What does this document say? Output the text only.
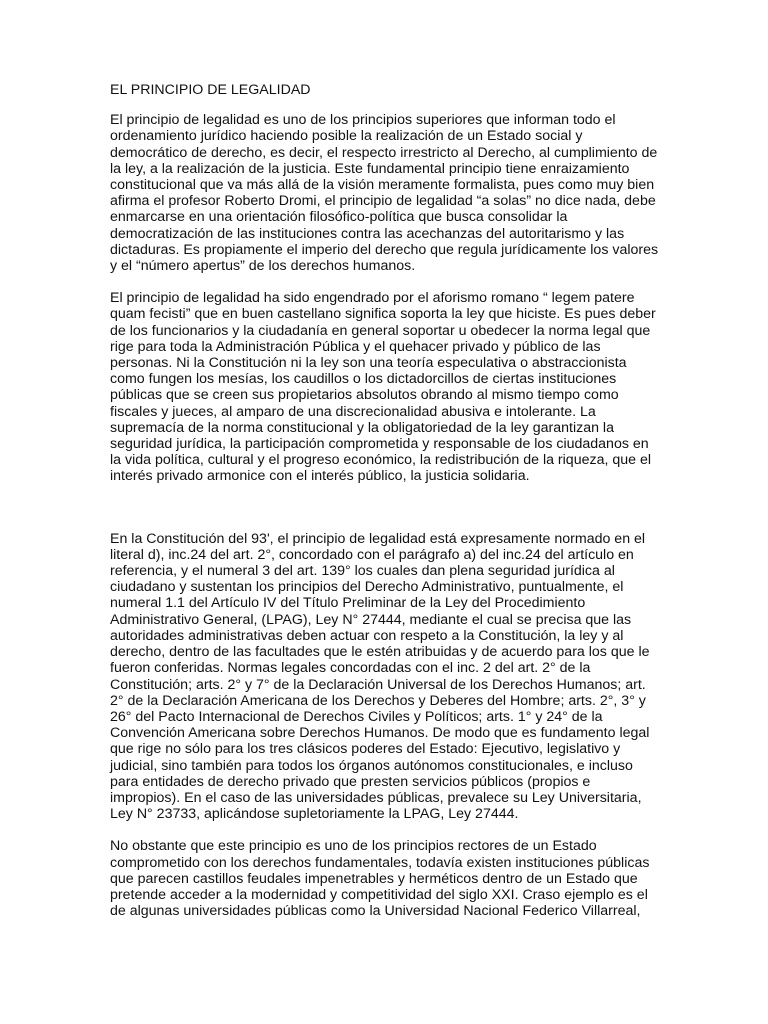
EL PRINCIPIO DE LEGALIDAD

El principio de legalidad es uno de los principios superiores que informan todo el ordenamiento jurídico haciendo posible la realización de un Estado social y democrático de derecho, es decir, el respecto irrestricto al Derecho, al cumplimiento de la ley, a la realización de la justicia. Este fundamental principio tiene enraizamiento constitucional que va más allá de la visión meramente formalista, pues como muy bien afirma el profesor Roberto Dromi, el principio de legalidad “a solas” no dice nada, debe enmarcarse en una orientación filosófico-política que busca consolidar la democratización de las instituciones contra las acechanzas del autoritarismo y las dictaduras. Es propiamente el imperio del derecho que regula jurídicamente los valores y el “número apertus” de los derechos humanos.

El principio de legalidad ha sido engendrado por el aforismo romano “ legem patere quam fecisti” que en buen castellano significa soporta la ley que hiciste. Es pues deber de los funcionarios y la ciudadanía en general soportar u obedecer la norma legal que rige para toda la Administración Pública y el quehacer privado y público de las personas. Ni la Constitución ni la ley son una teoría especulativa o abstraccionista como fungen los mesías, los caudillos o los dictadorcillos de ciertas instituciones públicas que se creen sus propietarios absolutos obrando al mismo tiempo como fiscales y jueces, al amparo de una discrecionalidad abusiva e intolerante. La supremacía de la norma constitucional y la obligatoriedad de la ley garantizan la seguridad jurídica, la participación comprometida y responsable de los ciudadanos en la vida política, cultural y el progreso económico, la redistribución de la riqueza, que el interés privado armonice con el interés público, la justicia solidaria.

En la Constitución del 93', el principio de legalidad está expresamente normado en el literal d), inc.24 del art. 2°, concordado con el parágrafo a) del inc.24 del artículo en referencia, y el numeral 3 del art. 139° los cuales dan plena seguridad jurídica al ciudadano y sustentan los principios del Derecho Administrativo, puntualmente, el numeral 1.1 del Artículo IV del Título Preliminar de la Ley del Procedimiento Administrativo General, (LPAG), Ley N° 27444, mediante el cual se precisa que las autoridades administrativas deben actuar con respeto a la Constitución, la ley y al derecho, dentro de las facultades que le estén atribuidas y de acuerdo para los que le fueron conferidas. Normas legales concordadas con el inc. 2 del art. 2° de la Constitución; arts. 2° y 7° de la Declaración Universal de los Derechos Humanos; art. 2° de la Declaración Americana de los Derechos y Deberes del Hombre; arts. 2°, 3° y 26° del Pacto Internacional de Derechos Civiles y Políticos; arts. 1° y 24° de la Convención Americana sobre Derechos Humanos. De modo que es fundamento legal que rige no sólo para los tres clásicos poderes del Estado: Ejecutivo, legislativo y judicial, sino también para todos los órganos autónomos constitucionales, e incluso para entidades de derecho privado que presten servicios públicos (propios e impropios). En el caso de las universidades públicas, prevalece su Ley Universitaria, Ley N° 23733, aplicándose supletoriamente la LPAG, Ley 27444.

No obstante que este principio es uno de los principios rectores de un Estado comprometido con los derechos fundamentales, todavía existen instituciones públicas que parecen castillos feudales impenetrables y herméticos dentro de un Estado que pretende acceder a la modernidad y competitividad del siglo XXI. Craso ejemplo es el de algunas universidades públicas como la Universidad Nacional Federico Villarreal,
